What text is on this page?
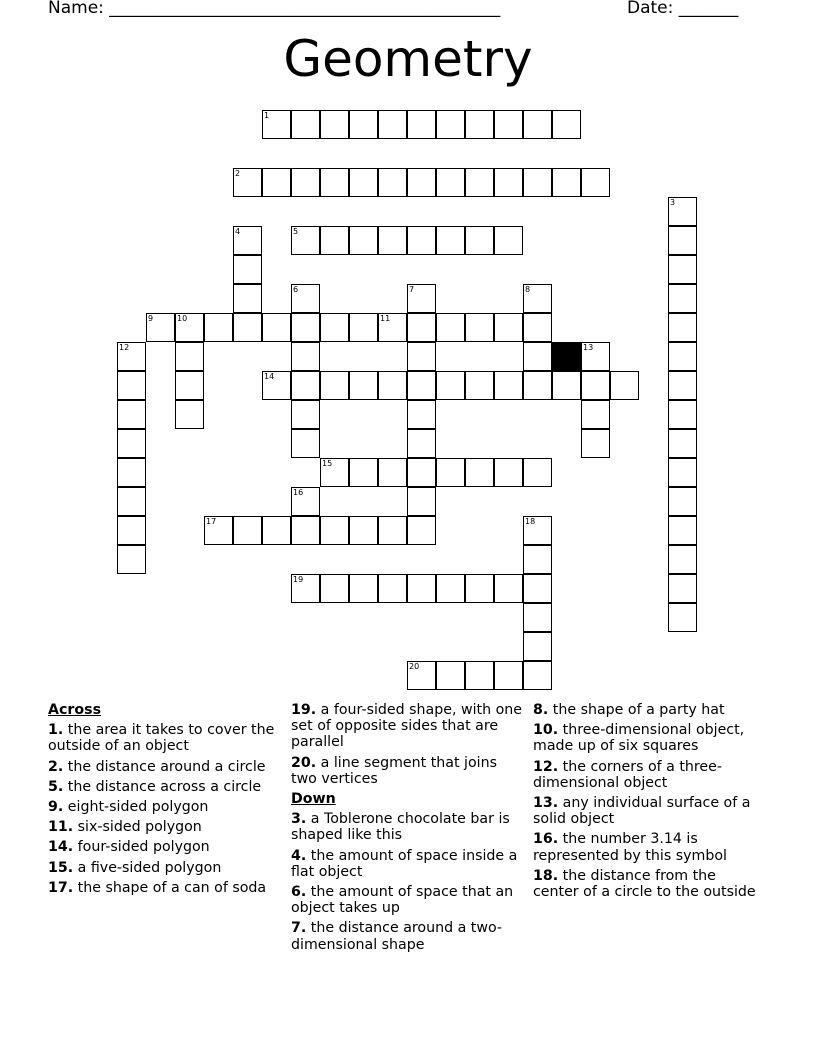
Name: ______________________________________________	Date: _______
Geometry
1
2
3
4	5
6	7	8
9	10	11
12	13
14
15
16
17	18
19
20
Across
1. the area it takes to cover the outside of an object
2. the distance around a circle
5. the distance across a circle
9. eight-sided polygon
11. six-sided polygon
14. four-sided polygon
15. a five-sided polygon
17. the shape of a can of soda
19. a four-sided shape, with one set of opposite sides that are parallel
20. a line segment that joins two vertices
Down
3. a Toblerone chocolate bar is shaped like this
4. the amount of space inside a flat object
6. the amount of space that an object takes up
7. the distance around a two-dimensional shape
8. the shape of a party hat
10. three-dimensional object, made up of six squares
12. the corners of a three-dimensional object
13. any individual surface of a solid object
16. the number 3.14 is represented by this symbol
18. the distance from the center of a circle to the outside
